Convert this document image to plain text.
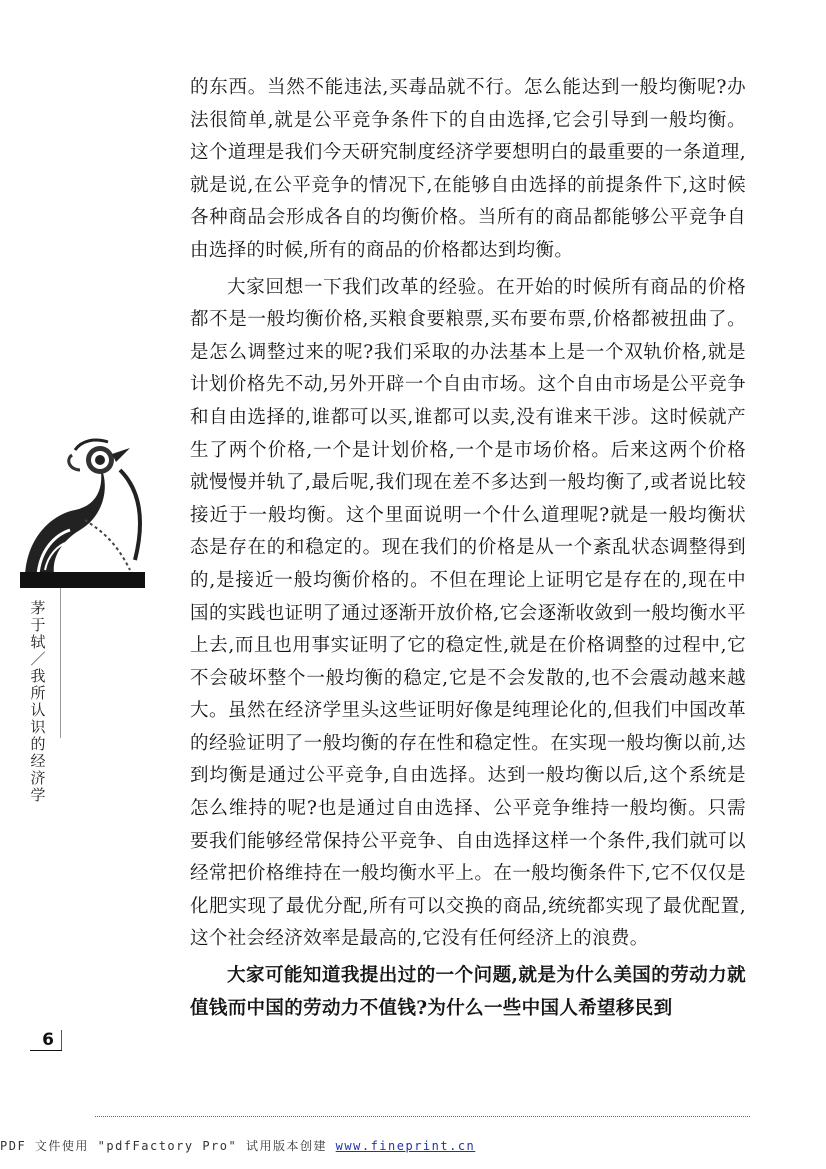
的东西。当然不能违法,买毒品就不行。怎么能达到一般均衡呢?办法很简单,就是公平竞争条件下的自由选择,它会引导到一般均衡。这个道理是我们今天研究制度经济学要想明白的最重要的一条道理,就是说,在公平竞争的情况下,在能够自由选择的前提条件下,这时候各种商品会形成各自的均衡价格。当所有的商品都能够公平竞争自由选择的时候,所有的商品的价格都达到均衡。

大家回想一下我们改革的经验。在开始的时候所有商品的价格都不是一般均衡价格,买粮食要粮票,买布要布票,价格都被扭曲了。是怎么调整过来的呢?我们采取的办法基本上是一个双轨价格,就是计划价格先不动,另外开辟一个自由市场。这个自由市场是公平竞争和自由选择的,谁都可以买,谁都可以卖,没有谁来干涉。这时候就产生了两个价格,一个是计划价格,一个是市场价格。后来这两个价格就慢慢并轨了,最后呢,我们现在差不多达到一般均衡了,或者说比较接近于一般均衡。这个里面说明一个什么道理呢?就是一般均衡状态是存在的和稳定的。现在我们的价格是从一个紊乱状态调整得到的,是接近一般均衡价格的。不但在理论上证明它是存在的,现在中国的实践也证明了通过逐渐开放价格,它会逐渐收敛到一般均衡水平上去,而且也用事实证明了它的稳定性,就是在价格调整的过程中,它不会破坏整个一般均衡的稳定,它是不会发散的,也不会震动越来越大。虽然在经济学里头这些证明好像是纯理论化的,但我们中国改革的经验证明了一般均衡的存在性和稳定性。在实现一般均衡以前,达到均衡是通过公平竞争,自由选择。达到一般均衡以后,这个系统是怎么维持的呢?也是通过自由选择、公平竞争维持一般均衡。只需要我们能够经常保持公平竞争、自由选择这样一个条件,我们就可以经常把价格维持在一般均衡水平上。在一般均衡条件下,它不仅仅是化肥实现了最优分配,所有可以交换的商品,统统都实现了最优配置,这个社会经济效率是最高的,它没有任何经济上的浪费。

大家可能知道我提出过的一个问题,就是为什么美国的劳动力就值钱而中国的劳动力不值钱?为什么一些中国人希望移民到

茅于轼／我所认识的经济学
6
PDF 文件使用 "pdfFactory Pro" 试用版本创建 www.fineprint.cn
